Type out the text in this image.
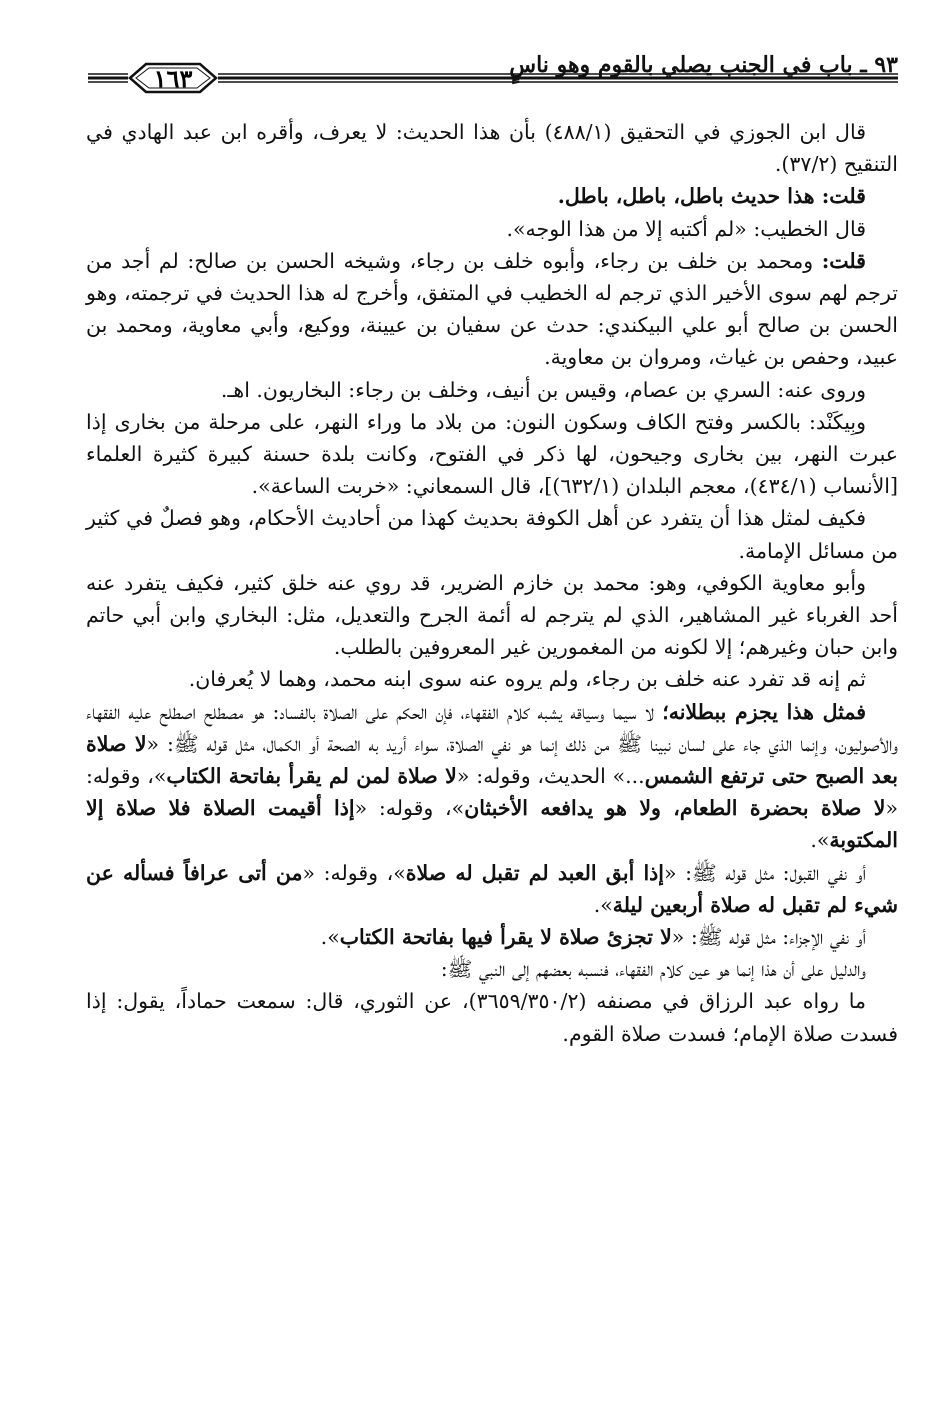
١٦٣	٩٣ ـ باب في الجنب يصلي بالقوم وهو ناسٍ

قال ابن الجوزي في التحقيق (٤٨٨/١) بأن هذا الحديث: لا يعرف، وأقره ابن عبد الهادي في التنقيح (٣٧/٢).

قلت: هذا حديث باطل، باطل، باطل.

قال الخطيب: «لم أكتبه إلا من هذا الوجه».

قلت: ومحمد بن خلف بن رجاء، وأبوه خلف بن رجاء، وشيخه الحسن بن صالح: لم أجد من ترجم لهم سوى الأخير الذي ترجم له الخطيب في المتفق، وأخرج له هذا الحديث في ترجمته، وهو الحسن بن صالح أبو علي البيكندي: حدث عن سفيان بن عيينة، ووكيع، وأبي معاوية، ومحمد بن عبيد، وحفص بن غياث، ومروان بن معاوية.

وروى عنه: السري بن عصام، وقيس بن أنيف، وخلف بن رجاء: البخاريون. اهـ.

وبِيكَنْد: بالكسر وفتح الكاف وسكون النون: من بلاد ما وراء النهر، على مرحلة من بخارى إذا عبرت النهر، بين بخارى وجيحون، لها ذكر في الفتوح، وكانت بلدة حسنة كبيرة كثيرة العلماء [الأنساب (٤٣٤/١)، معجم البلدان (٦٣٢/١)]، قال السمعاني: «خربت الساعة».

فكيف لمثل هذا أن يتفرد عن أهل الكوفة بحديث كهذا من أحاديث الأحكام، وهو فصلٌ في كثير من مسائل الإمامة.

وأبو معاوية الكوفي، وهو: محمد بن خازم الضرير، قد روي عنه خلق كثير، فكيف يتفرد عنه أحد الغرباء غير المشاهير، الذي لم يترجم له أئمة الجرح والتعديل، مثل: البخاري وابن أبي حاتم وابن حبان وغيرهم؛ إلا لكونه من المغمورين غير المعروفين بالطلب.

ثم إنه قد تفرد عنه خلف بن رجاء، ولم يروه عنه سوى ابنه محمد، وهما لا يُعرفان.

فمثل هذا يجزم ببطلانه؛ لا سيما وسياقه يشبه كلام الفقهاء، فإن الحكم على الصلاة بالفساد: هو مصطلح اصطلح عليه الفقهاء والأصوليون، وإنما الذي جاء على لسان نبينا ﷺ من ذلك إنما هو نفي الصلاة، سواء أريد به الصحة أو الكمال، مثل قوله ﷺ: «لا صلاة بعد الصبح حتى ترتفع الشمس...» الحديث، وقوله: «لا صلاة لمن لم يقرأ بفاتحة الكتاب»، وقوله: «لا صلاة بحضرة الطعام، ولا هو يدافعه الأخبثان»، وقوله: «إذا أقيمت الصلاة فلا صلاة إلا المكتوبة».

أو نفي القبول: مثل قوله ﷺ: «إذا أبق العبد لم تقبل له صلاة»، وقوله: «من أتى عرافاً فسأله عن شيء لم تقبل له صلاة أربعين ليلة».

أو نفي الإجزاء: مثل قوله ﷺ: «لا تجزئ صلاة لا يقرأ فيها بفاتحة الكتاب».

والدليل على أن هذا إنما هو عين كلام الفقهاء، فنسبه بعضهم إلى النبي ﷺ:

ما رواه عبد الرزاق في مصنفه (٣٦٥٩/٣٥٠/٢)، عن الثوري، قال: سمعت حماداً، يقول: إذا فسدت صلاة الإمام؛ فسدت صلاة القوم.
